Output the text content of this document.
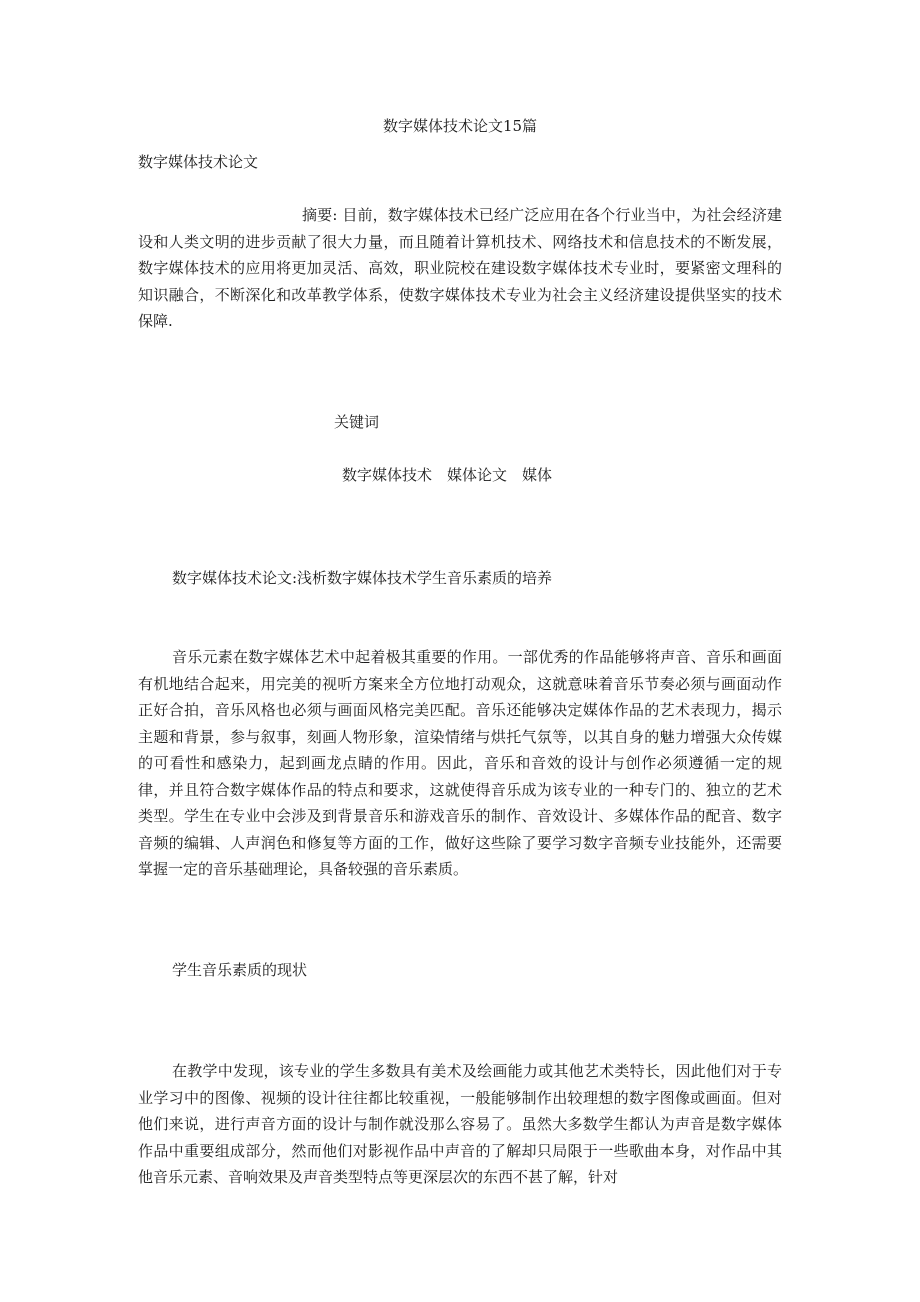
数字媒体技术论文15篇
数字媒体技术论文

摘要: 目前，数字媒体技术已经广泛应用在各个行业当中，为社会经济建设和人类文明的进步贡献了很大力量，而且随着计算机技术、网络技术和信息技术的不断发展，数字媒体技术的应用将更加灵活、高效，职业院校在建设数字媒体技术专业时，要紧密文理科的知识融合，不断深化和改革教学体系，使数字媒体技术专业为社会主义经济建设提供坚实的技术保障.

关键词
数字媒体技术　媒体论文　媒体
数字媒体技术论文:浅析数字媒体技术学生音乐素质的培养

音乐元素在数字媒体艺术中起着极其重要的作用。一部优秀的作品能够将声音、音乐和画面有机地结合起来，用完美的视听方案来全方位地打动观众，这就意味着音乐节奏必须与画面动作正好合拍，音乐风格也必须与画面风格完美匹配。音乐还能够决定媒体作品的艺术表现力，揭示主题和背景，参与叙事，刻画人物形象，渲染情绪与烘托气氛等，以其自身的魅力增强大众传媒的可看性和感染力，起到画龙点睛的作用。因此，音乐和音效的设计与创作必须遵循一定的规律，并且符合数字媒体作品的特点和要求，这就使得音乐成为该专业的一种专门的、独立的艺术类型。学生在专业中会涉及到背景音乐和游戏音乐的制作、音效设计、多媒体作品的配音、数字音频的编辑、人声润色和修复等方面的工作，做好这些除了要学习数字音频专业技能外，还需要掌握一定的音乐基础理论，具备较强的音乐素质。

学生音乐素质的现状

在教学中发现，该专业的学生多数具有美术及绘画能力或其他艺术类特长，因此他们对于专业学习中的图像、视频的设计往往都比较重视，一般能够制作出较理想的数字图像或画面。但对他们来说，进行声音方面的设计与制作就没那么容易了。虽然大多数学生都认为声音是数字媒体作品中重要组成部分，然而他们对影视作品中声音的了解却只局限于一些歌曲本身，对作品中其他音乐元素、音响效果及声音类型特点等更深层次的东西不甚了解，针对
